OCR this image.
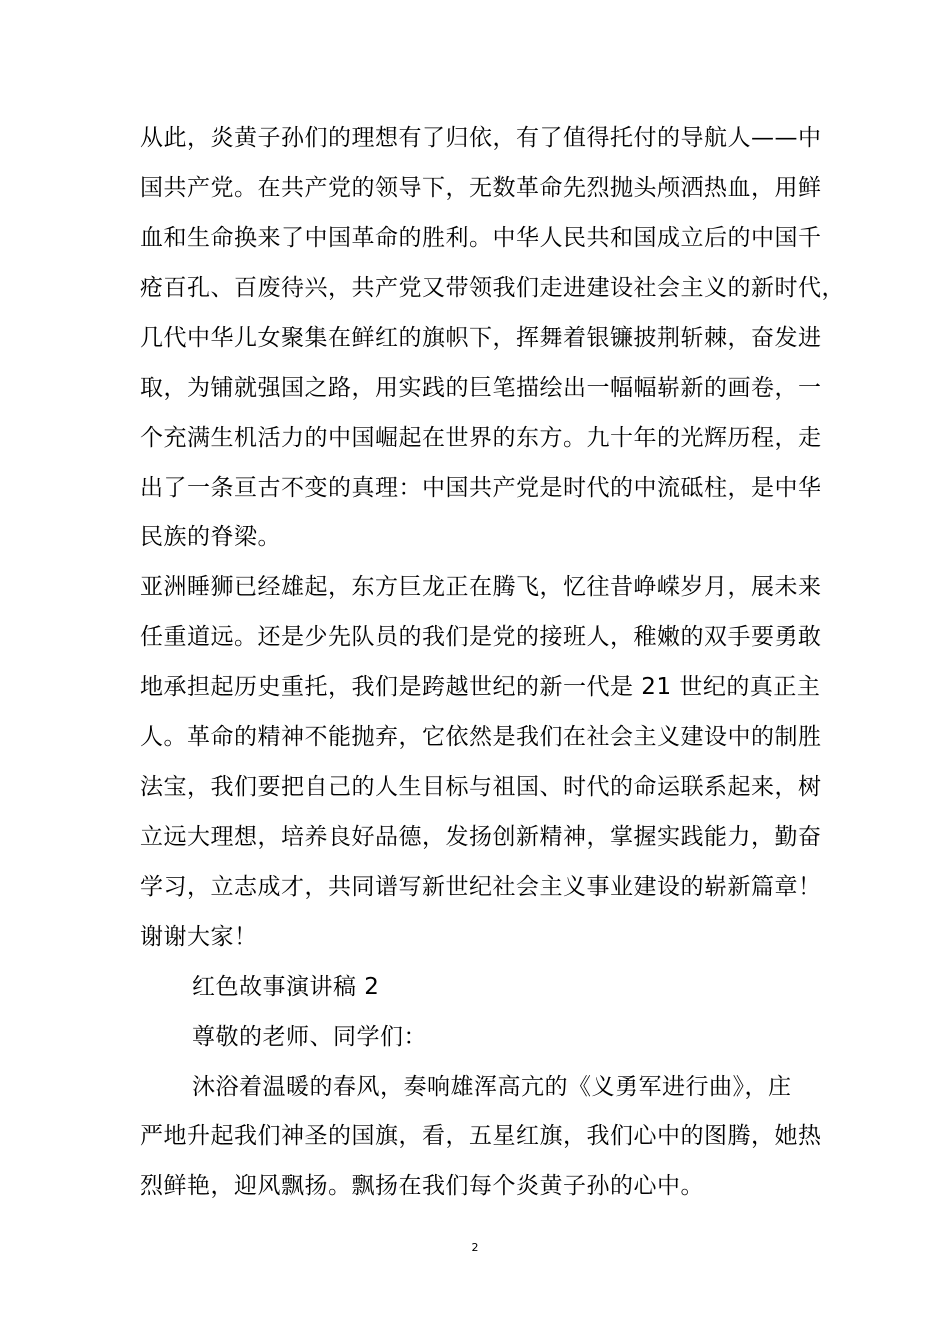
从此，炎黄子孙们的理想有了归依，有了值得托付的导航人——中
国共产党。在共产党的领导下，无数革命先烈抛头颅洒热血，用鲜
血和生命换来了中国革命的胜利。中华人民共和国成立后的中国千
疮百孔、百废待兴，共产党又带领我们走进建设社会主义的新时代，
几代中华儿女聚集在鲜红的旗帜下，挥舞着银镰披荆斩棘，奋发进
取，为铺就强国之路，用实践的巨笔描绘出一幅幅崭新的画卷，一
个充满生机活力的中国崛起在世界的东方。九十年的光辉历程，走
出了一条亘古不变的真理：中国共产党是时代的中流砥柱，是中华
民族的脊梁。
亚洲睡狮已经雄起，东方巨龙正在腾飞，忆往昔峥嵘岁月，展未来
任重道远。还是少先队员的我们是党的接班人，稚嫩的双手要勇敢
地承担起历史重托，我们是跨越世纪的新一代是 21 世纪的真正主
人。革命的精神不能抛弃，它依然是我们在社会主义建设中的制胜
法宝，我们要把自己的人生目标与祖国、时代的命运联系起来，树
立远大理想，培养良好品德，发扬创新精神，掌握实践能力，勤奋
学习，立志成才，共同谱写新世纪社会主义事业建设的崭新篇章！
谢谢大家！
红色故事演讲稿 2
尊敬的老师、同学们：
沐浴着温暖的春风，奏响雄浑高亢的《义勇军进行曲》，庄
严地升起我们神圣的国旗，看，五星红旗，我们心中的图腾，她热
烈鲜艳，迎风飘扬。飘扬在我们每个炎黄子孙的心中。
2
